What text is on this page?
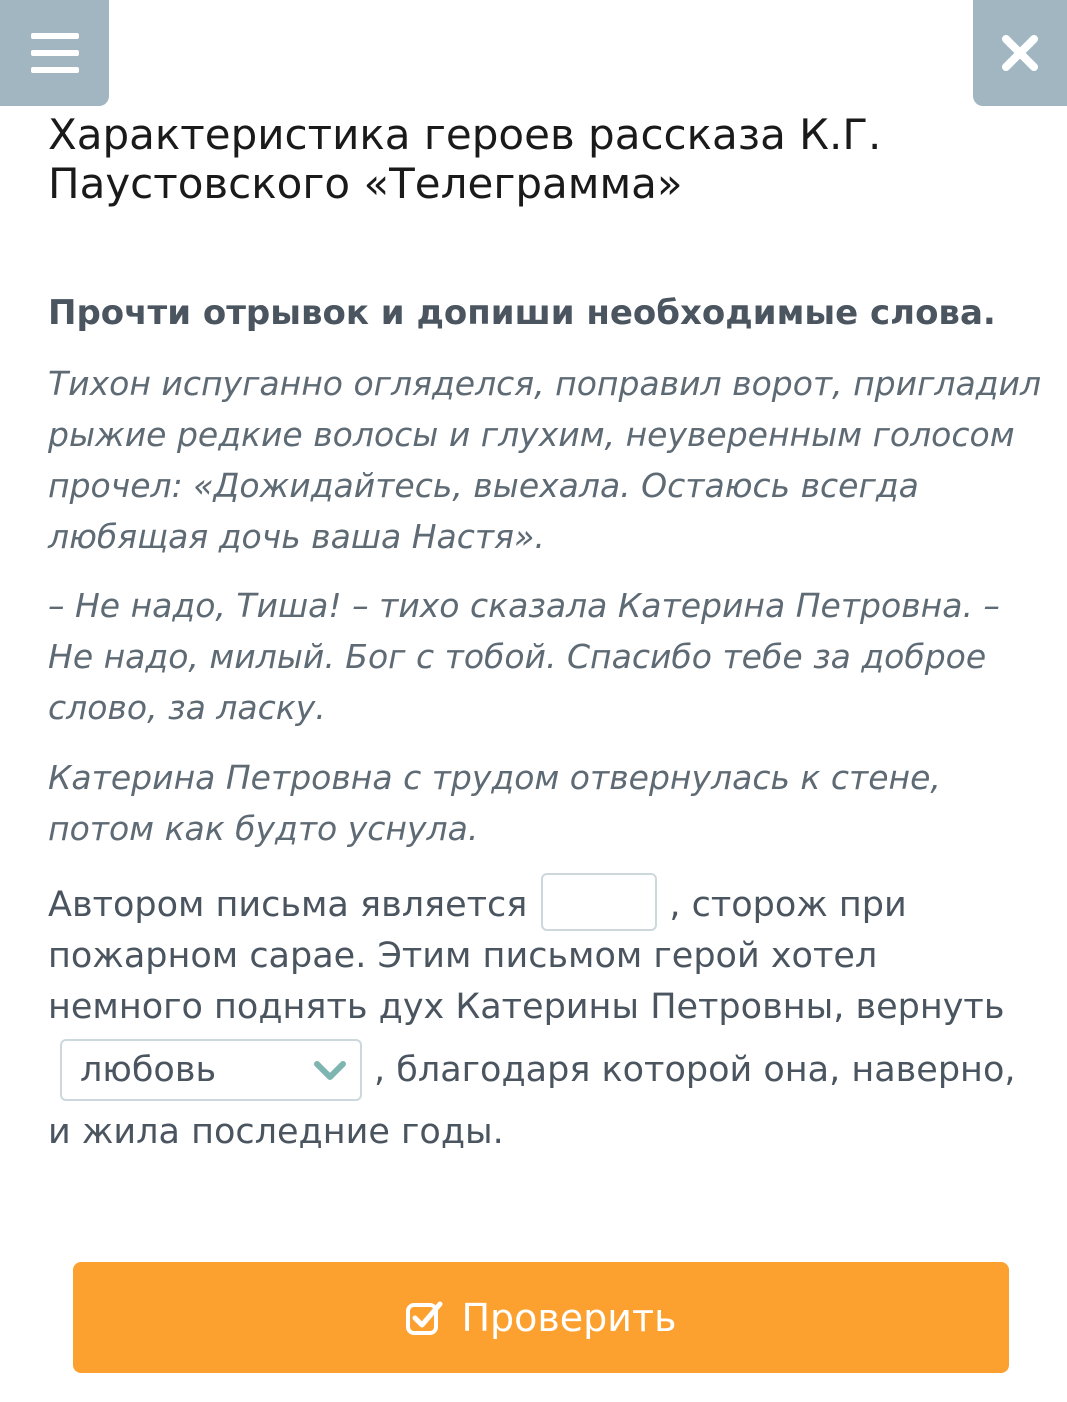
Характеристика героев рассказа К.Г. Паустовского «Телеграмма»
Прочти отрывок и допиши необходимые слова.

Тихон испуганно огляделся, поправил ворот, пригладил рыжие редкие волосы и глухим, неуверенным голосом прочел: «Дожидайтесь, выехала. Остаюсь всегда любящая дочь ваша Настя».

– Не надо, Тиша! – тихо сказала Катерина Петровна. – Не надо, милый. Бог с тобой. Спасибо тебе за доброе слово, за ласку.

Катерина Петровна с трудом отвернулась к стене, потом как будто уснула.

Автором письма является	, сторож при
пожарном сарае. Этим письмом герой хотел
немного поднять дух Катерины Петровны, вернуть
любовь	, благодаря которой она, наверно,
и жила последние годы.
Проверить
